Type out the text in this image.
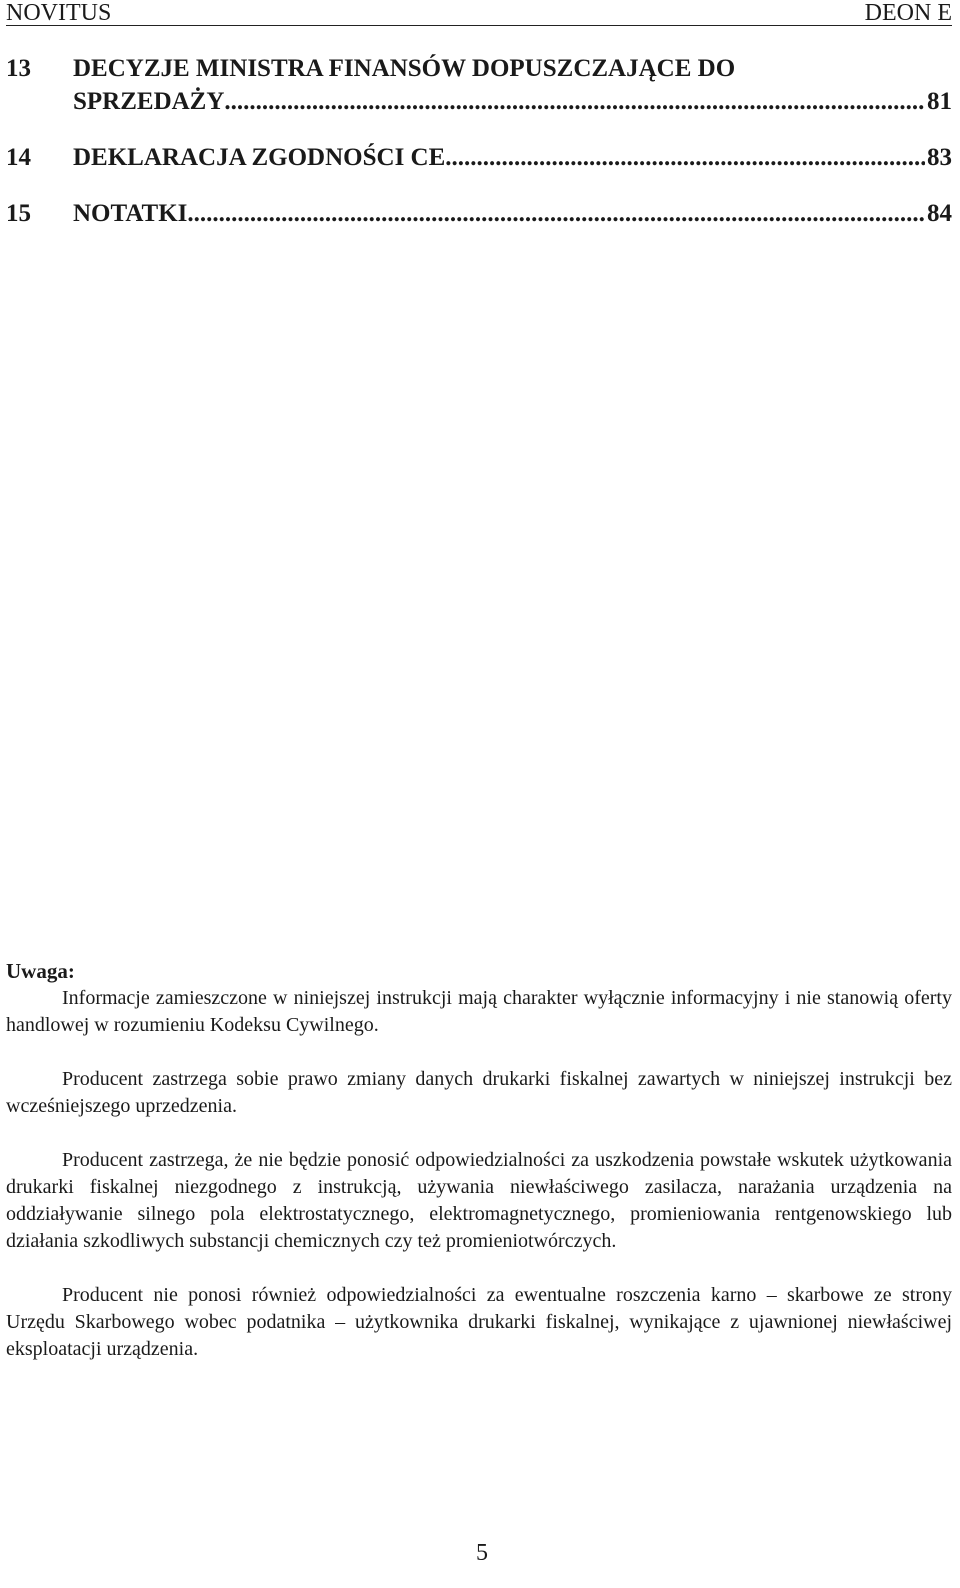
NOVITUS	DEON E
13	DECYZJE MINISTRA FINANSÓW DOPUSZCZAJĄCE DO
SPRZEDAŻY .....	81
14	DEKLARACJA ZGODNOŚCI CE .....	83
15	NOTATKI .....	84
Uwaga:

Informacje zamieszczone w niniejszej instrukcji mają charakter wyłącznie informacyjny i nie stanowią oferty handlowej w rozumieniu Kodeksu Cywilnego.

Producent zastrzega sobie prawo zmiany danych drukarki fiskalnej zawartych w niniejszej instrukcji bez wcześniejszego uprzedzenia.

Producent zastrzega, że nie będzie ponosić odpowiedzialności za uszkodzenia powstałe wskutek użytkowania drukarki fiskalnej niezgodnego z instrukcją, używania niewłaściwego zasilacza, narażania urządzenia na oddziaływanie silnego pola elektrostatycznego, elektromagnetycznego, promieniowania rentgenowskiego lub działania szkodliwych substancji chemicznych czy też promieniotwórczych.

Producent nie ponosi również odpowiedzialności za ewentualne roszczenia karno – skarbowe ze strony Urzędu Skarbowego wobec podatnika – użytkownika drukarki fiskalnej, wynikające z ujawnionej niewłaściwej eksploatacji urządzenia.

5
